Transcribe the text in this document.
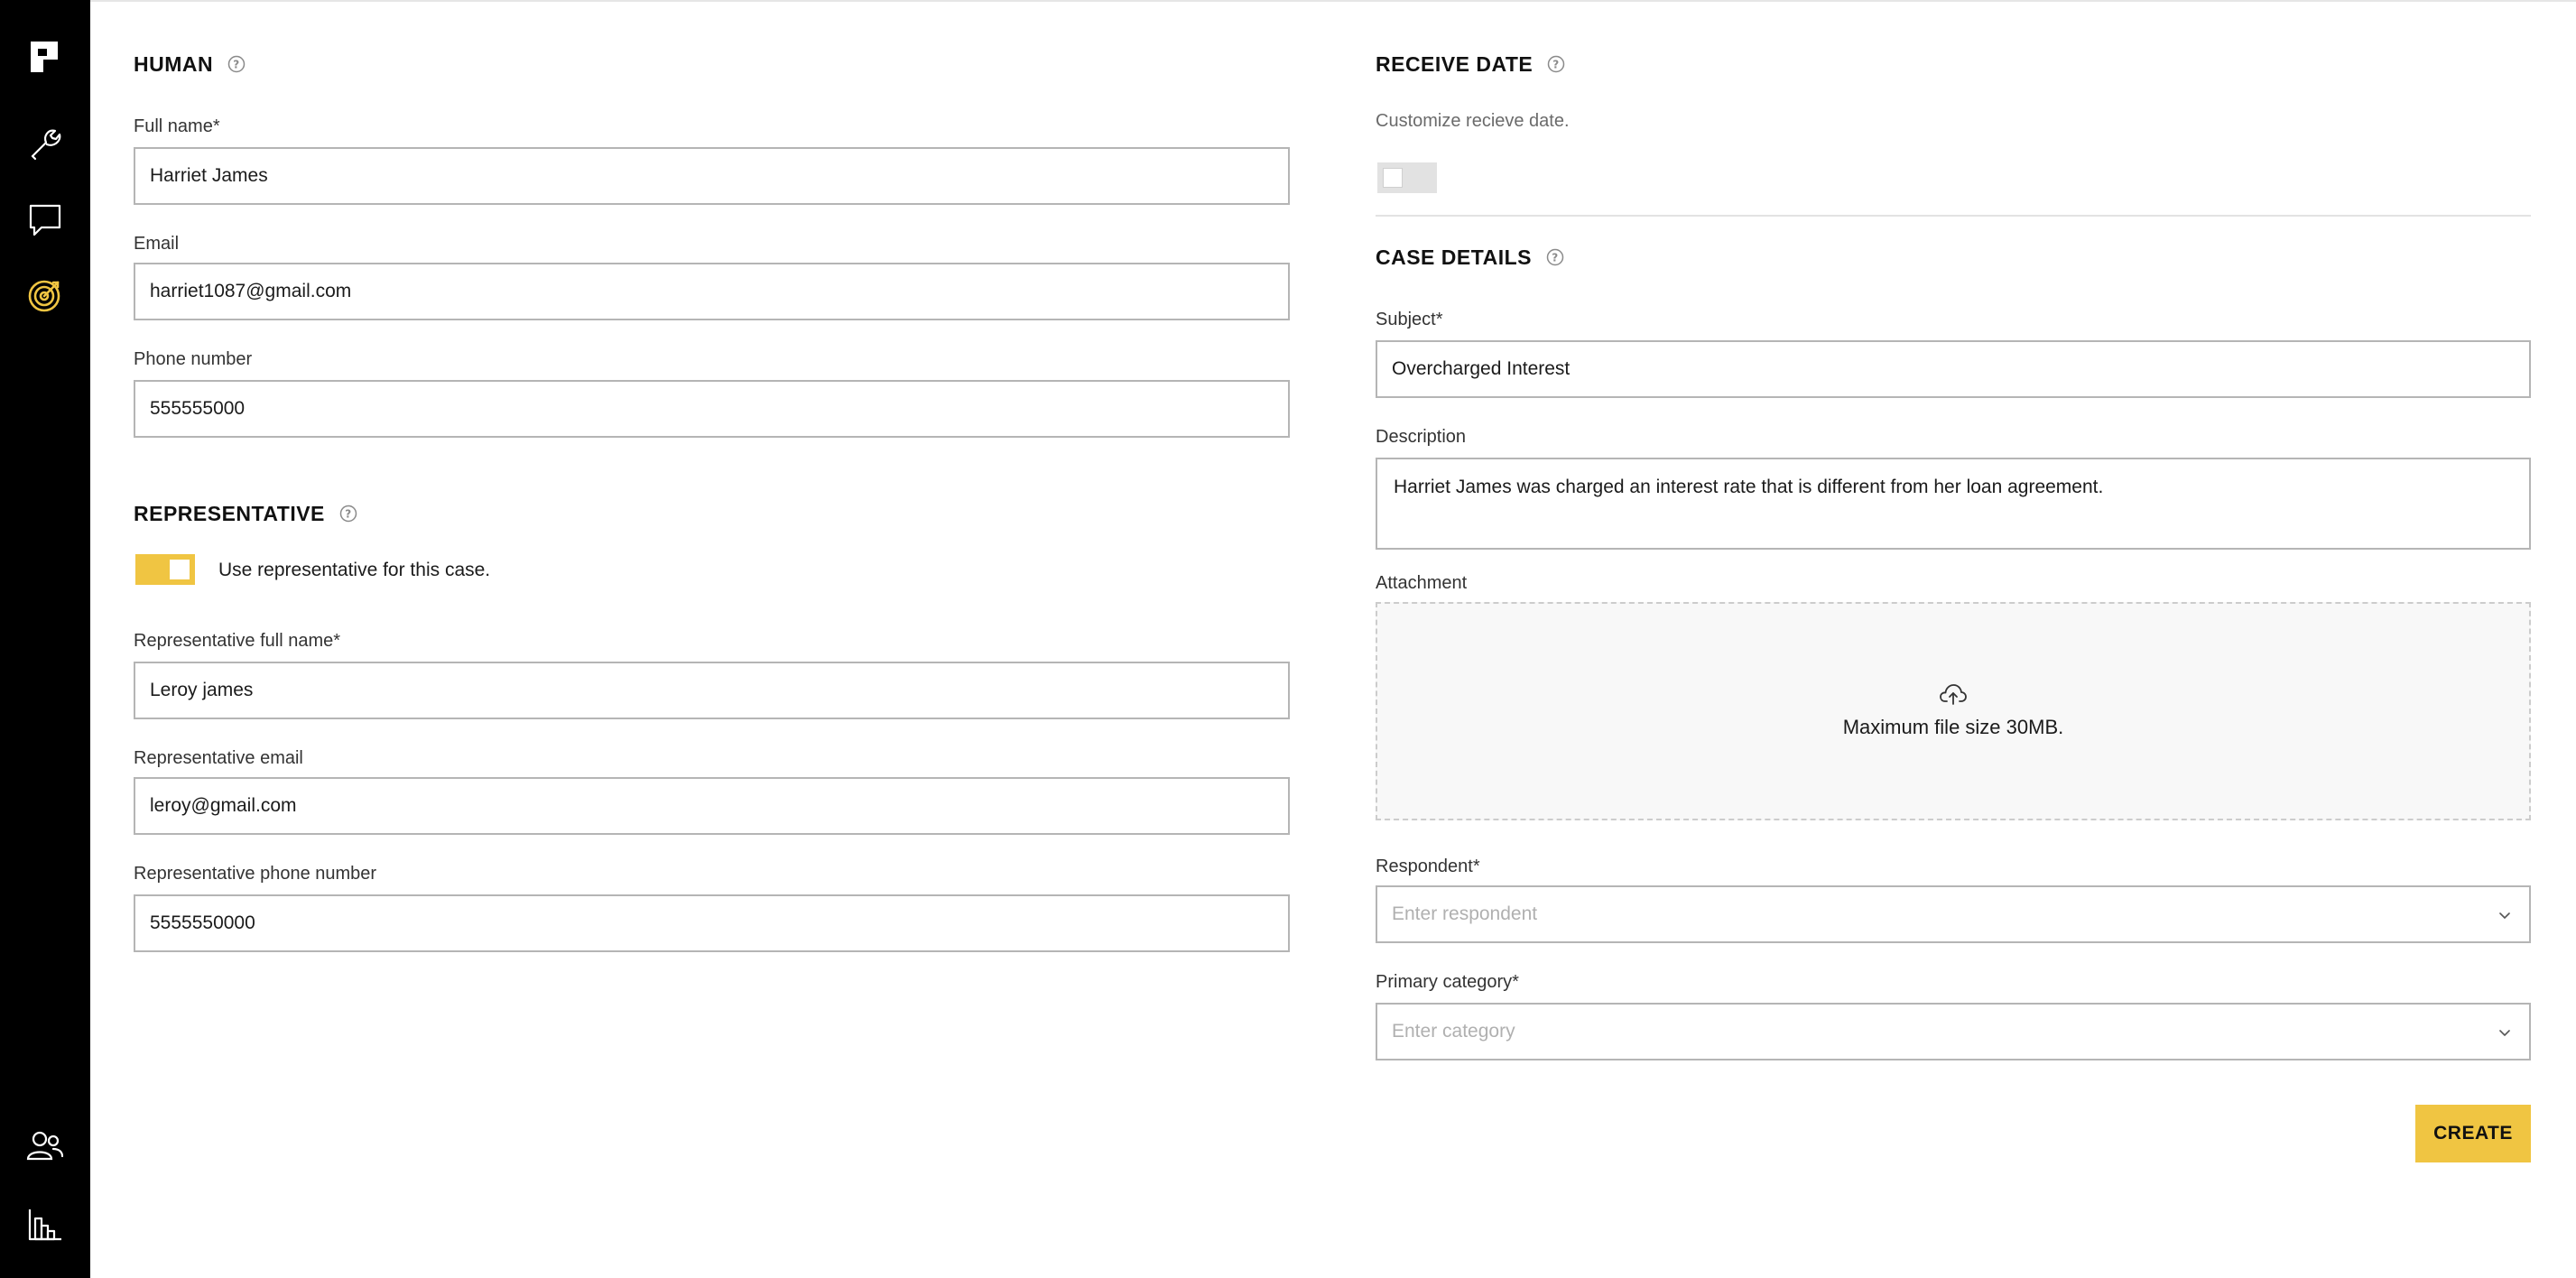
HUMAN ?
Full name*
Harriet James
Email
harriet1087@gmail.com
Phone number
555555000
REPRESENTATIVE ?
Use representative for this case.
Representative full name*
Leroy james
Representative email
leroy@gmail.com
Representative phone number
5555550000
RECEIVE DATE ?
Customize recieve date.
CASE DETAILS ?
Subject*
Overcharged Interest
Description
Harriet James was charged an interest rate that is different from her loan agreement.
Attachment
Maximum file size 30MB.
Respondent*
Enter respondent
Primary category*
Enter category
CREATE
